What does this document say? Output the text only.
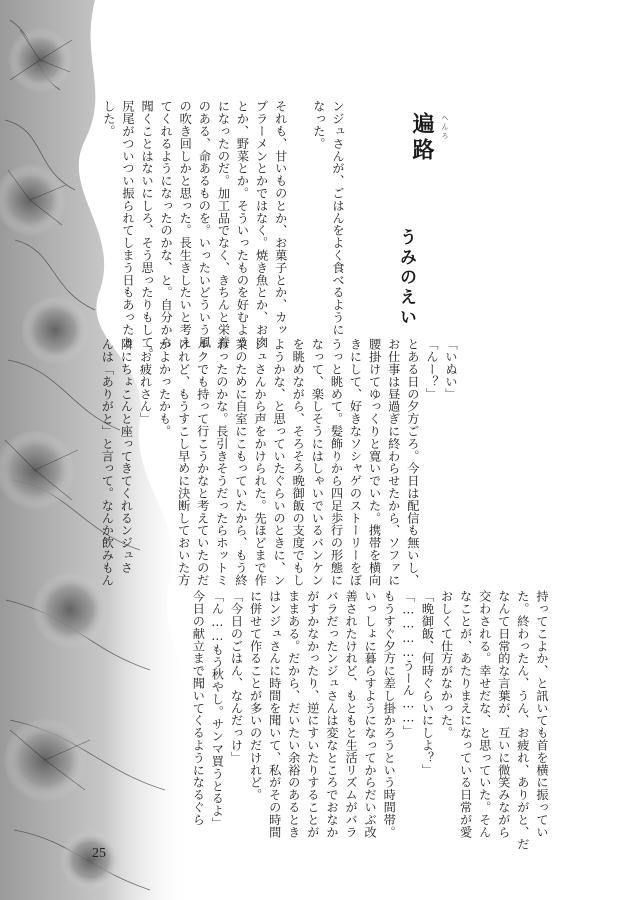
へんろ
遍路
うみのえい
ンジュさんが、ごはんをよく食べるように
なった。

それも、甘いものとか、お菓子とか、カッ
プラーメンとかではなく。焼き魚とか、お肉
とか、野菜とか。そういったものを好むよう
になったのだ。加工品でなく、きちんと栄養
のある、命あるものを。いったいどういう風
の吹き回しかと思った。長生きしたいと考え
てくれるようになったのかな、と。自分から
聞くことはないにしろ、そう思ったりもして。
尻尾がついつい振られてしまう日もあったり
した。
「いぬい」
「んー？」
とある日の夕方ごろ。今日は配信も無いし、
お仕事は昼過ぎに終わらせたから、ソファに
腰掛けてゆっくりと寛いでいた。携帯を横向
きにして、好きなソシャゲのストーリーをぼ
うっと眺めて。髪飾りから四足歩行の形態に
なって、楽しそうにはしゃいでいるバンケン
を眺めながら、そろそろ晩御飯の支度でもし
ようかな、と思っていたぐらいのときに、ン
ジュさんから声をかけられた。先ほどまで作
業のために自室にこもっていたから、もう終
わったのかな。長引きそうだったらホットミ
ルクでも持って行こうかなと考えていたのだ
けれど、もうすこし早めに決断しておいた方
がよかったかも。
「お疲れさん」
隣にちょこんと座ってきてくれるンジュさ
んは「ありがと」と言って。なんか飲みもん
持ってこよか、と訊いても首を横に振ってい
た。終わったん、うん、お疲れ、ありがと、だ
なんて日常的な言葉が、互いに微笑みながら
交わされる。幸せだな、と思っていた。そん
なことが、あたりまえになっている日常が愛
おしくて仕方がなかった。
「晩御飯、何時ぐらいにしよ？」
「…………うーん……」
もうすぐ夕方に差し掛かろうという時間帯。
いっしょに暮らすようになってからだいぶ改
善されたけれど、もともと生活リズムがバラ
バラだったンジュさんは変なところでおなか
がすかなかったり、逆にすいたりすることが
ままある。だから、だいたい余裕のあるとき
はンジュさんに時間を聞いて、私がその時間
に併せて作ることが多いのだけれど。
「今日のごはん、なんだっけ」
「ん……もう秋やし。サンマ買うとるよ」
今日の献立まで聞いてくるようになるぐら
25
